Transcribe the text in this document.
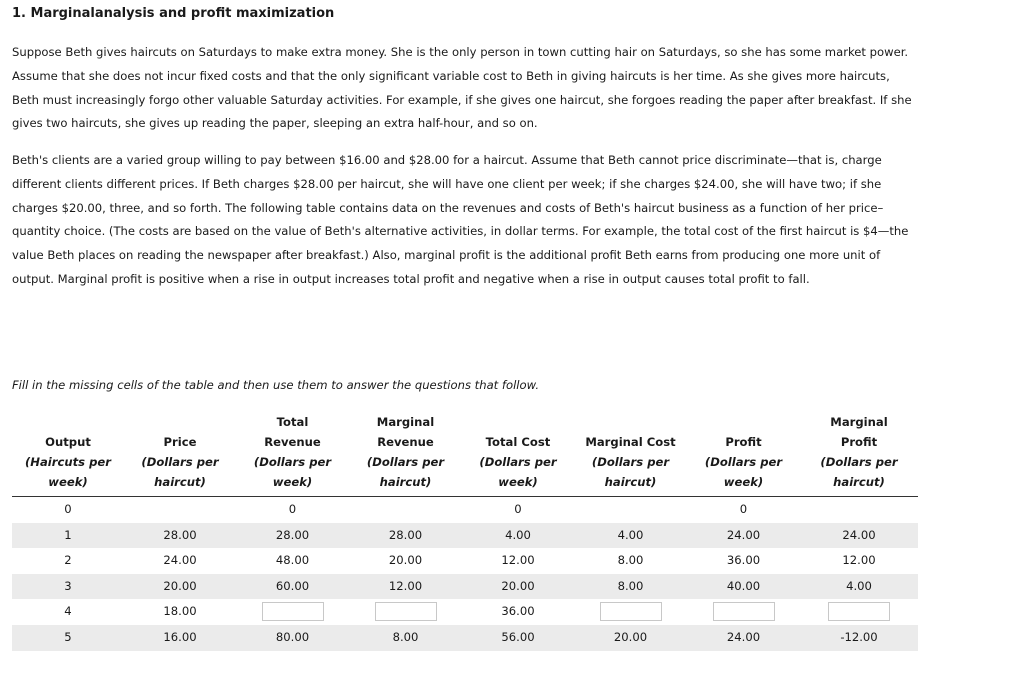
1. Marginalanalysis and profit maximization

Suppose Beth gives haircuts on Saturdays to make extra money. She is the only person in town cutting hair on Saturdays, so she has some market power. Assume that she does not incur fixed costs and that the only significant variable cost to Beth in giving haircuts is her time. As she gives more haircuts, Beth must increasingly forgo other valuable Saturday activities. For example, if she gives one haircut, she forgoes reading the paper after breakfast. If she gives two haircuts, she gives up reading the paper, sleeping an extra half-hour, and so on.

Beth's clients are a varied group willing to pay between $16.00 and $28.00 for a haircut. Assume that Beth cannot price discriminate—that is, charge different clients different prices. If Beth charges $28.00 per haircut, she will have one client per week; if she charges $24.00, she will have two; if she charges $20.00, three, and so forth. The following table contains data on the revenues and costs of Beth's haircut business as a function of her price–quantity choice. (The costs are based on the value of Beth's alternative activities, in dollar terms. For example, the total cost of the first haircut is $4—the value Beth places on reading the newspaper after breakfast.) Also, marginal profit is the additional profit Beth earns from producing one more unit of output. Marginal profit is positive when a rise in output increases total profit and negative when a rise in output causes total profit to fall.

Fill in the missing cells of the table and then use them to answer the questions that follow.

Output
(Haircuts per
week)	Price
(Dollars per
haircut)	Total
Revenue
(Dollars per
week)	Marginal
Revenue
(Dollars per
haircut)	Total Cost
(Dollars per
week)	Marginal Cost
(Dollars per
haircut)	Profit
(Dollars per
week)	Marginal
Profit
(Dollars per
haircut)

0		0		0		0	
1	28.00	28.00	28.00	4.00	4.00	24.00	24.00
2	24.00	48.00	20.00	12.00	8.00	36.00	12.00
3	20.00	60.00	12.00	20.00	8.00	40.00	4.00
4	18.00			36.00			
5	16.00	80.00	8.00	56.00	20.00	24.00	-12.00
